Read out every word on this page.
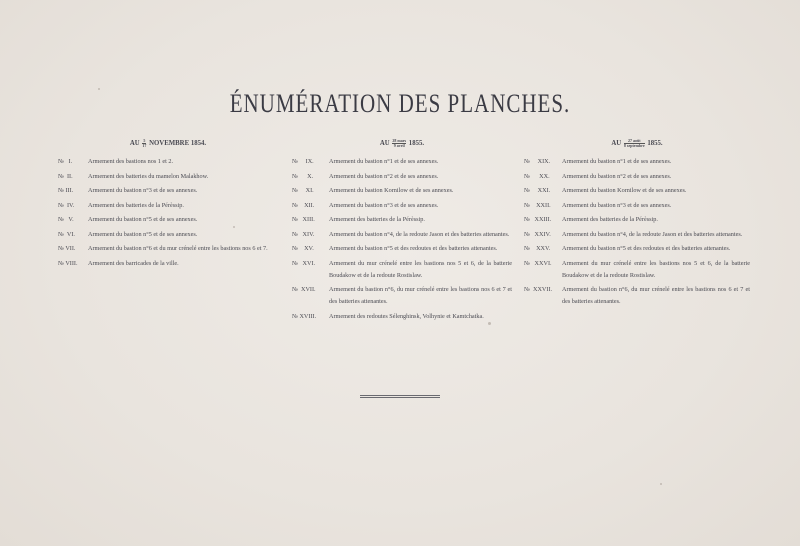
ÉNUMÉRATION DES PLANCHES.
AU $\frac{5}{17}$ NOVEMBRE 1854.
№   I.	Armement des bastions nos 1 et 2.
№  II.	Armement des batteries du mamelon Malakhow.
№ III.	Armement du bastion n°3 et de ses annexes.
№  IV.	Armement des batteries de la Pérèssip.
№   V.	Armement du bastion n°5 et de ses annexes.
№  VI.	Armement du bastion n°5 et de ses annexes.
№ VII.	Armement du bastion n°6 et du mur crénelé entre les bastions nos 6 et 7.
№ VIII.	Armement des barricades de la ville.
AU $\frac{\text{28 mars}}{\text{9 avril}} 1855$.
№     IX.	Armement du bastion n°1 et de ses annexes.
№      X.	Armement du bastion n°2 et de ses annexes.
№     XI.	Armement du bastion Kornilow et de ses annexes.
№    XII.	Armement du bastion n°3 et de ses annexes.
№   XIII.	Armement des batteries de la Pérèssip.
№   XIV.	Armement du bastion n°4, de la redoute Jason et des batteries attenantes.
№    XV.	Armement du bastion n°5 et des redoutes et des batteries attenantes.
№   XVI.	Armement du mur crénelé entre les bastions nos 5 et 6, de la batterie Boudakow et de la redoute Rostislaw.
№  XVII.	Armement du bastion n°6, du mur crénelé entre les bastions nos 6 et 7 et des batteries attenantes.
№ XVIII.	Armement des redoutes Sélenghinsk, Volhynie et Kamtchatka.
AU $\frac{\text{27 août}}{\text{8 septembre}} 1855$.
№     XIX.	Armement du bastion n°1 et de ses annexes.
№      XX.	Armement du bastion n°2 et de ses annexes.
№     XXI.	Armement du bastion Kornilow et de ses annexes.
№    XXII.	Armement du bastion n°3 et de ses annexes.
№   XXIII.	Armement des batteries de la Pérèssip.
№   XXIV.	Armement du bastion n°4, de la redoute Jason et des batteries attenantes.
№    XXV.	Armement du bastion n°5 et des redoutes et des batteries attenantes.
№   XXVI.	Armement du mur crénelé entre les bastions nos 5 et 6, de la batterie Boudakow et de la redoute Rostislaw.
№  XXVII.	Armement du bastion n°6, du mur crénelé entre les bastions nos 6 et 7 et des batteries attenantes.
